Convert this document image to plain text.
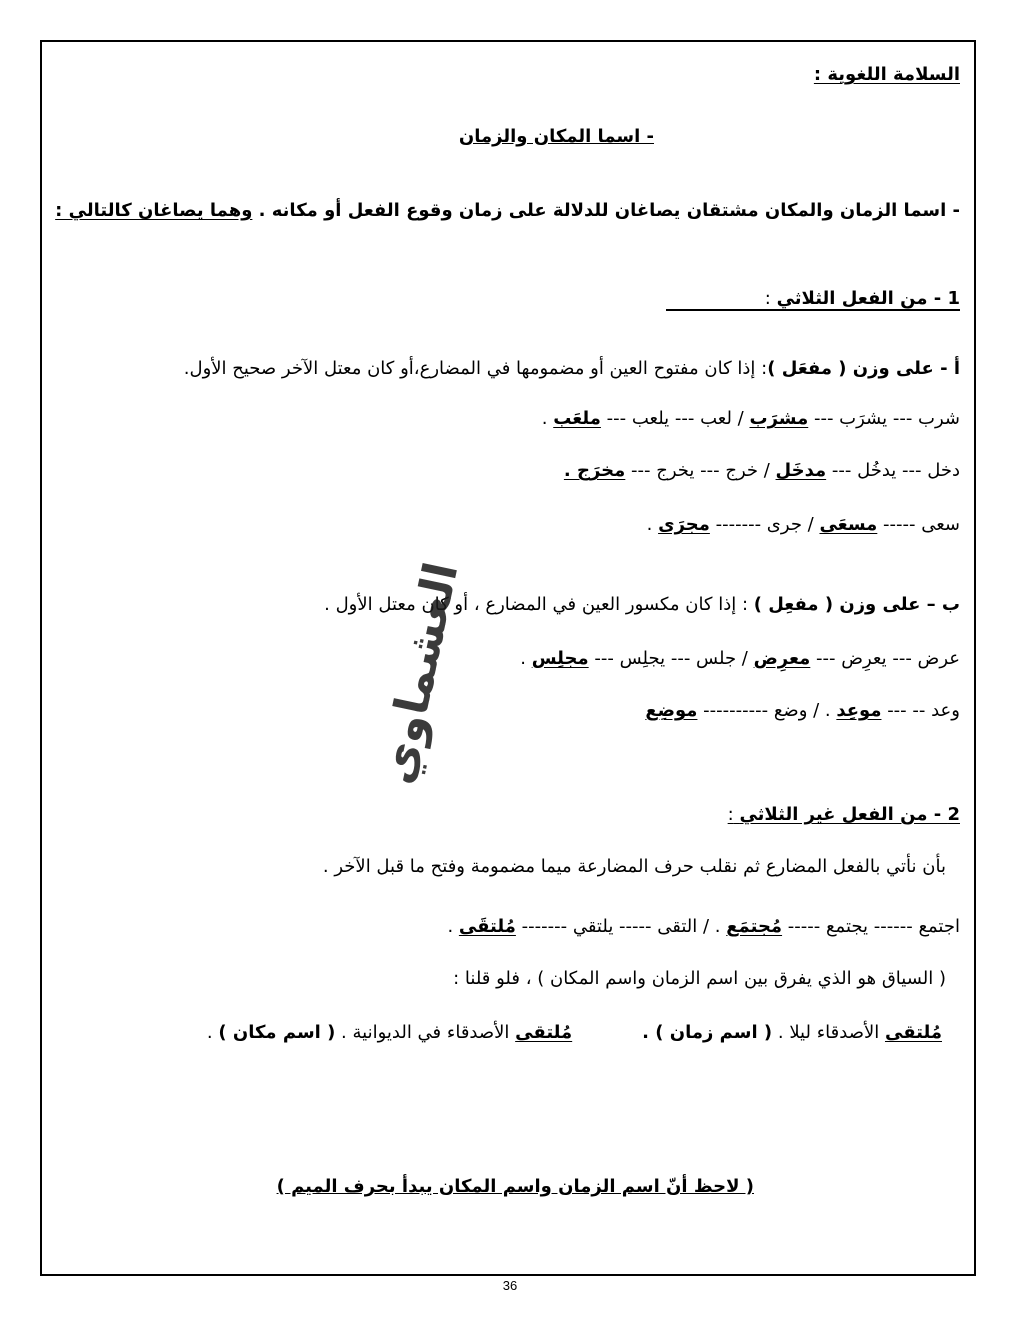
السلامة اللغوية :
- اسما المكان والزمان
- اسما الزمان والمكان مشتقان يصاغان للدلالة على زمان وقوع الفعل أو مكانه . وهما يصاغان كالتالي :
1 - من الفعل الثلاثي :
أ - على وزن ( مفعَل ): إذا كان مفتوح العين أو مضمومها في المضارع،أو كان معتل الآخر صحيح الأول.
شرب --- يشرَب --- مشرَب / لعب --- يلعب --- ملعَب .
دخل --- يدخُل --- مدخَل / خرج --- يخرج --- مخرَج .
سعى ----- مسعَى / جرى ------- مجرَى .
ب – على وزن ( مفعِل ) : إذا كان مكسور العين في المضارع ، أو كان معتل الأول .
عرض --- يعرِض --- معرِض / جلس --- يجلِس --- مجلِس .
وعد -- --- موعِد . / وضع ---------- موضِع
العشماوي
2 - من الفعل غير الثلاثي :
بأن نأتي بالفعل المضارع ثم نقلب حرف المضارعة ميما مضمومة وفتح ما قبل الآخر .
اجتمع ------ يجتمع ----- مُجتمَع . / التقى ----- يلتقي ------- مُلتقَى .
( السياق هو الذي يفرق بين اسم الزمان واسم المكان ) ، فلو قلنا :
مُلتقى الأصدقاء ليلا . ( اسم زمان ) .مُلتقى الأصدقاء في الديوانية . ( اسم مكان ) .
( لاحظ أنّ اسم الزمان واسم المكان يبدأ بحرف الميم )
36
